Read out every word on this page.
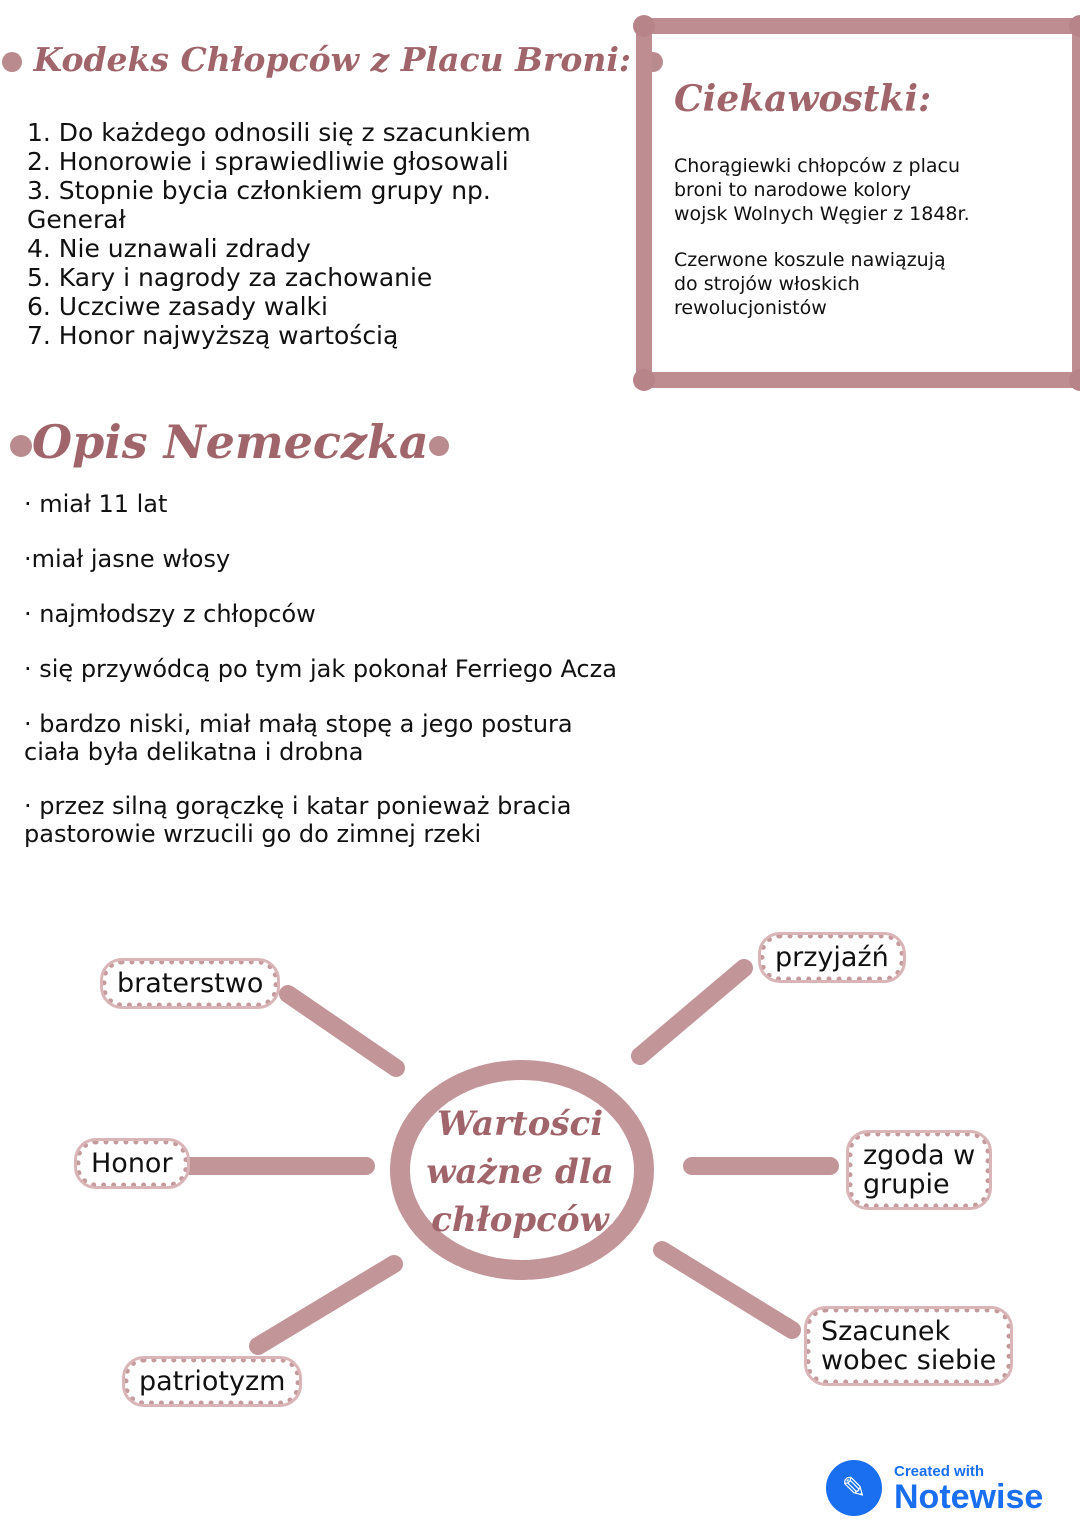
Kodeks Chłopców z Placu Broni:
1. Do każdego odnosili się z szacunkiem
2. Honorowie i sprawiedliwie głosowali
3. Stopnie bycia członkiem grupy np.
Generał
4. Nie uznawali zdrady
5. Kary i nagrody za zachowanie
6. Uczciwe zasady walki
7. Honor najwyższą wartością
Ciekawostki:
Chorągiewki chłopców z placu
broni to narodowe kolory
wojsk Wolnych Węgier z 1848r.
Czerwone koszule nawiązują
do strojów włoskich
rewolucjonistów
Opis Nemeczka
· miał 11 lat
·miał jasne włosy
· najmłodszy z chłopców
· się przywódcą po tym jak pokonał Ferriego Acza
· bardzo niski, miał małą stopę a jego postura
ciała była delikatna i drobna
· przez silną gorączkę i katar ponieważ bracia
pastorowie wrzucili go do zimnej rzeki
Wartości
ważne dla
chłopców
braterstwo
przyjaźń
Honor	zgoda w
grupie
patriotyzm
Szacunek
wobec siebie
✎	Created with
Notewise
